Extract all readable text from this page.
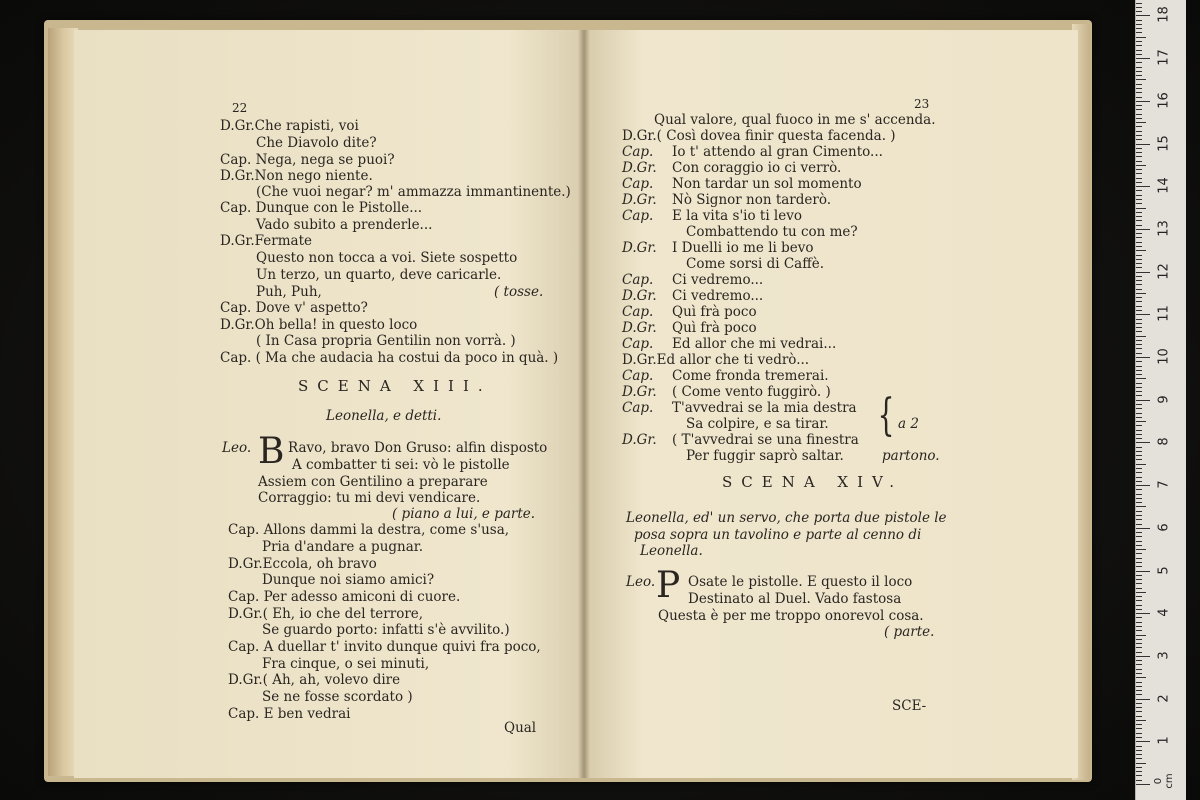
22
D.Gr.Che rapisti, voi
Che Diavolo dite?
Cap. Nega, nega se puoi?
D.Gr.Non nego niente.
(Che vuoi negar? m' ammazza immantinente.)
Cap. Dunque con le Pistolle...
Vado subito a prenderle...
D.Gr.Fermate
Questo non tocca a voi. Siete sospetto
Un terzo, un quarto, deve caricarle.
Puh, Puh,	( tosse.
Cap. Dove v' aspetto?
D.Gr.Oh bella! in questo loco
( In Casa propria Gentilin non vorrà. )
Cap. ( Ma che audacia ha costui da poco in quà. )
SCENA XIII.
Leonella, e detti.
Leo. B Ravo, bravo Don Gruso: alfin disposto
A combatter ti sei: vò le pistolle
Assiem con Gentilino a preparare
Corraggio: tu mi devi vendicare.
( piano a lui, e parte.
Cap. Allons dammi la destra, come s'usa,
Pria d'andare a pugnar.
D.Gr.Eccola, oh bravo
Dunque noi siamo amici?
Cap. Per adesso amiconi di cuore.
D.Gr.( Eh, io che del terrore,
Se guardo porto: infatti s'è avvilito.)
Cap. A duellar t' invito dunque quivi fra poco,
Fra cinque, o sei minuti,
D.Gr.( Ah, ah, volevo dire
Se ne fosse scordato )
Cap. E ben vedrai
Qual
23
Qual valore, qual fuoco in me s' accenda.
D.Gr.( Così dovea finir questa facenda. )
Cap. Io t' attendo al gran Cimento...
D.Gr. Con coraggio io ci verrò.
Cap. Non tardar un sol momento
D.Gr. Nò Signor non tarderò.
Cap. E la vita s'io ti levo
Combattendo tu con me?
D.Gr. I Duelli io me li bevo
Come sorsi di Caffè.
Cap. Ci vedremo...
D.Gr. Ci vedremo...
Cap. Quì frà poco
D.Gr. Quì frà poco
Cap. Ed allor che mi vedrai...
D.Gr.Ed allor che ti vedrò...
Cap. Come fronda tremerai.
D.Gr. ( Come vento fuggirò. )
Cap. T'avvedrai se la mia destra
Sa colpire, e sa tirar.
D.Gr. ( T'avvedrai se una finestra
Per fuggir saprò saltar.
{ a 2
partono.
SCENA XIV.
Leonella, ed' un servo, che porta due pistole le
posa sopra un tavolino e parte al cenno di
Leonella.
Leo. P Osate le pistolle. E questo il loco
Destinato al Duel. Vado fastosa
Questa è per me troppo onorevol cosa.
( parte.
SCE-
1
2
3
4
5
6
7
8
9
10
11
12
13
14
15
16
17
18
0 cm
